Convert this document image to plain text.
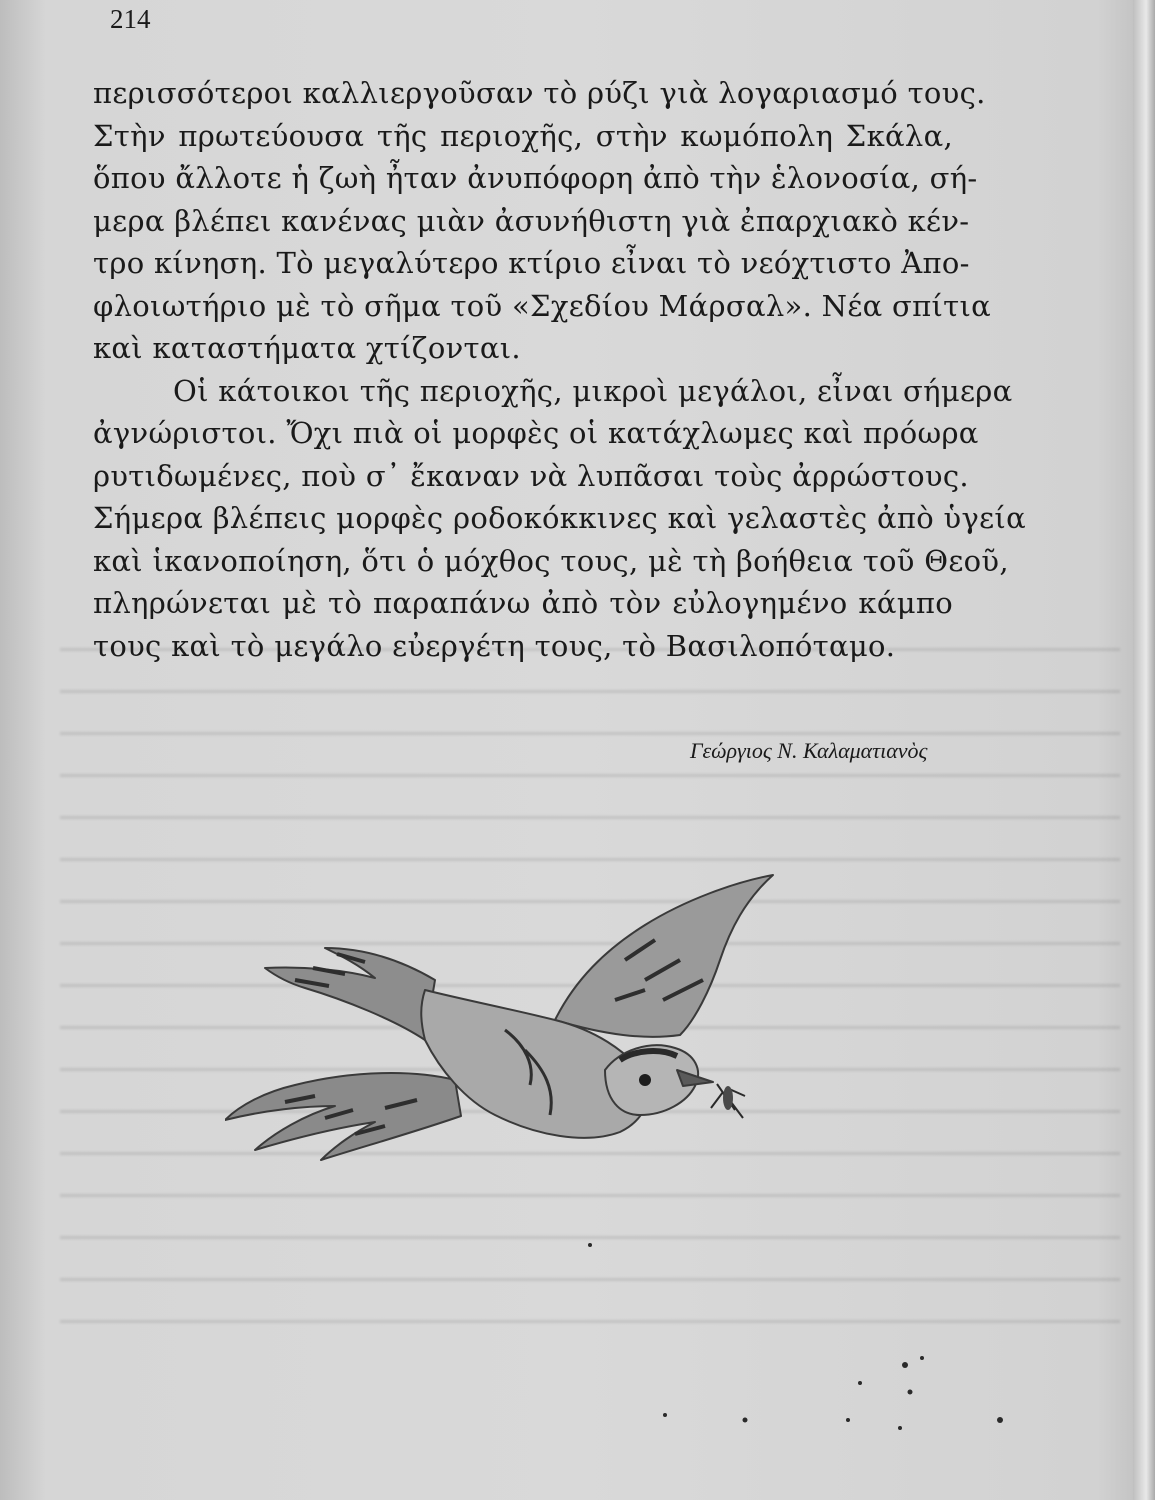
214
περισσότεροι καλλιεργοῦσαν τὸ ρύζι γιὰ λογαριασμό τους.
Στὴν πρωτεύουσα τῆς περιοχῆς, στὴν κωμόπολη Σκάλα,
ὅπου ἄλλοτε ἡ ζωὴ ἦταν ἀνυπόφορη ἀπὸ τὴν ἑλονοσία, σή-
μερα βλέπει κανένας μιὰν ἀσυνήθιστη γιὰ ἐπαρχιακὸ κέν-
τρο κίνηση. Τὸ μεγαλύτερο κτίριο εἶναι τὸ νεόχτιστο Ἀπο-
φλοιωτήριο μὲ τὸ σῆμα τοῦ «Σχεδίου Μάρσαλ». Νέα σπίτια
καὶ καταστήματα χτίζονται.
Οἱ κάτοικοι τῆς περιοχῆς, μικροὶ μεγάλοι, εἶναι σήμερα
ἀγνώριστοι. Ὄχι πιὰ οἱ μορφὲς οἱ κατάχλωμες καὶ πρόωρα
ρυτιδωμένες, ποὺ σ᾽ ἔκαναν νὰ λυπᾶσαι τοὺς ἀρρώστους.
Σήμερα βλέπεις μορφὲς ροδοκόκκινες καὶ γελαστὲς ἀπὸ ὑγεία
καὶ ἱκανοποίηση, ὅτι ὁ μόχθος τους, μὲ τὴ βοήθεια τοῦ Θεοῦ,
πληρώνεται μὲ τὸ παραπάνω ἀπὸ τὸν εὐλογημένο κάμπο
τους καὶ τὸ μεγάλο εὐεργέτη τους, τὸ Βασιλοπόταμο.
Γεώργιος Ν. Καλαματιανὸς
